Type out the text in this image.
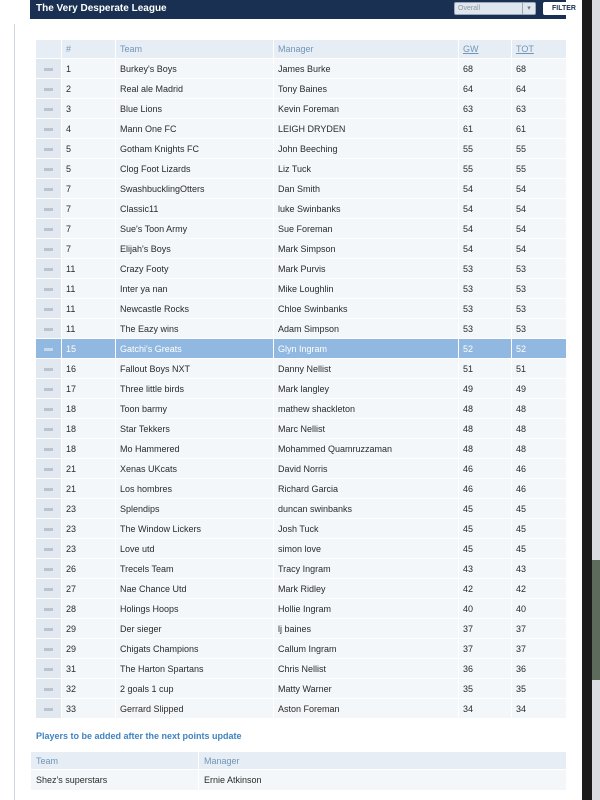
The Very Desperate League	Overall	▾	FILTER
	#	Team	Manager	GW	TOT
	1	Burkey's Boys	James Burke	68	68
	2	Real ale Madrid	Tony Baines	64	64
	3	Blue Lions	Kevin Foreman	63	63
	4	Mann One FC	LEIGH DRYDEN	61	61
	5	Gotham Knights FC	John Beeching	55	55
	5	Clog Foot Lizards	Liz Tuck	55	55
	7	SwashbucklingOtters	Dan Smith	54	54
	7	Classic11	luke Swinbanks	54	54
	7	Sue's Toon Army	Sue Foreman	54	54
	7	Elijah's Boys	Mark Simpson	54	54
	11	Crazy Footy	Mark Purvis	53	53
	11	Inter ya nan	Mike Loughlin	53	53
	11	Newcastle Rocks	Chloe Swinbanks	53	53
	11	The Eazy wins	Adam Simpson	53	53
	15	Gatchi's Greats	Glyn Ingram	52	52
	16	Fallout Boys NXT	Danny Nellist	51	51
	17	Three little birds	Mark langley	49	49
	18	Toon barmy	mathew shackleton	48	48
	18	Star Tekkers	Marc Nellist	48	48
	18	Mo Hammered	Mohammed Quamruzzaman	48	48
	21	Xenas UKcats	David Norris	46	46
	21	Los hombres	Richard Garcia	46	46
	23	Splendips	duncan swinbanks	45	45
	23	The Window Lickers	Josh Tuck	45	45
	23	Love utd	simon love	45	45
	26	Trecels Team	Tracy Ingram	43	43
	27	Nae Chance Utd	Mark Ridley	42	42
	28	Holings Hoops	Hollie Ingram	40	40
	29	Der sieger	lj baines	37	37
	29	Chigats Champions	Callum Ingram	37	37
	31	The Harton Spartans	Chris Nellist	36	36
	32	2 goals 1 cup	Matty Warner	35	35
	33	Gerrard Slipped	Aston Foreman	34	34
Players to be added after the next points update
Team	Manager
Shez's superstars	Ernie Atkinson
